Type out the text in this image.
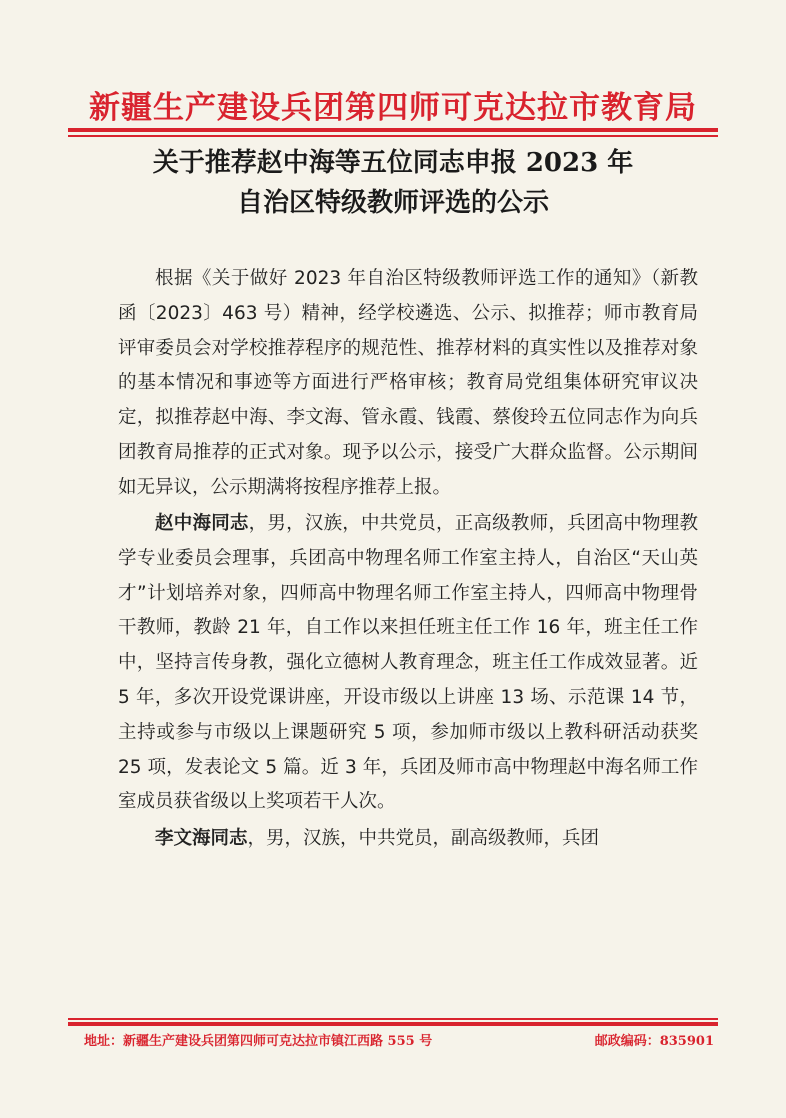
新疆生产建设兵团第四师可克达拉市教育局
关于推荐赵中海等五位同志申报 2023 年
自治区特级教师评选的公示

根据《关于做好 2023 年自治区特级教师评选工作的通知》（新教函〔2023〕463 号）精神，经学校遴选、公示、拟推荐；师市教育局评审委员会对学校推荐程序的规范性、推荐材料的真实性以及推荐对象的基本情况和事迹等方面进行严格审核；教育局党组集体研究审议决定，拟推荐赵中海、李文海、管永霞、钱霞、蔡俊玲五位同志作为向兵团教育局推荐的正式对象。现予以公示，接受广大群众监督。公示期间如无异议，公示期满将按程序推荐上报。

赵中海同志，男，汉族，中共党员，正高级教师，兵团高中物理教学专业委员会理事，兵团高中物理名师工作室主持人，自治区“天山英才”计划培养对象，四师高中物理名师工作室主持人，四师高中物理骨干教师，教龄 21 年，自工作以来担任班主任工作 16 年，班主任工作中，坚持言传身教，强化立德树人教育理念，班主任工作成效显著。近 5 年，多次开设党课讲座，开设市级以上讲座 13 场、示范课 14 节，主持或参与市级以上课题研究 5 项，参加师市级以上教科研活动获奖 25 项，发表论文 5 篇。近 3 年，兵团及师市高中物理赵中海名师工作室成员获省级以上奖项若干人次。

李文海同志，男，汉族，中共党员，副高级教师，兵团

地址：新疆生产建设兵团第四师可克达拉市镇江西路 555 号	邮政编码：835901
